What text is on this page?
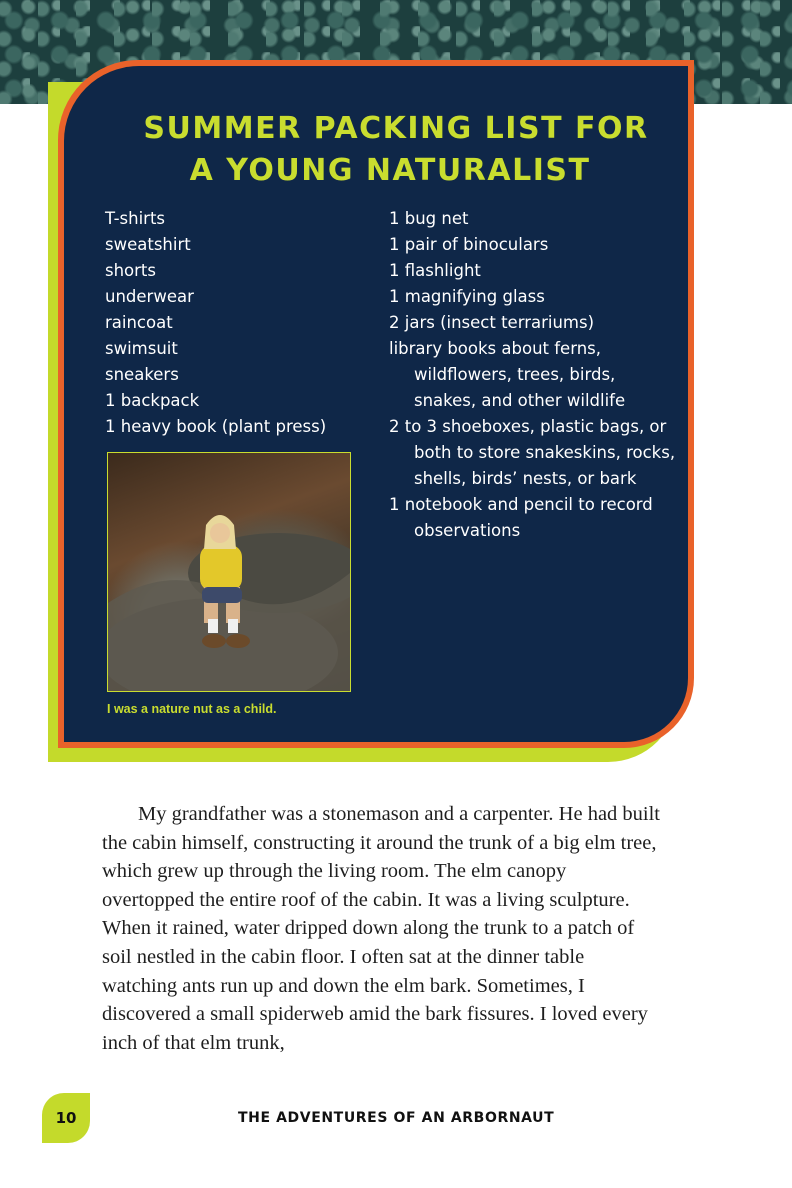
SUMMER PACKING LIST FOR
A YOUNG NATURALIST
T-shirts
sweatshirt
shorts
underwear
raincoat
swimsuit
sneakers
1 backpack
1 heavy book (plant press)
1 bug net
1 pair of binoculars
1 flashlight
1 magnifying glass
2 jars (insect terrariums)
library books about ferns, wildflowers, trees, birds, snakes, and other wildlife
2 to 3 shoeboxes, plastic bags, or both to store snakeskins, rocks, shells, birds’ nests, or bark
1 notebook and pencil to record observations

I was a nature nut as a child.

My grandfather was a stonemason and a carpenter. He had built the cabin himself, constructing it around the trunk of a big elm tree, which grew up through the living room. The elm canopy overtopped the entire roof of the cabin. It was a living sculpture. When it rained, water dripped down along the trunk to a patch of soil nestled in the cabin floor. I often sat at the dinner table watching ants run up and down the elm bark. Sometimes, I discovered a small spiderweb amid the bark fissures. I loved every inch of that elm trunk,

10	THE ADVENTURES OF AN ARBORNAUT
